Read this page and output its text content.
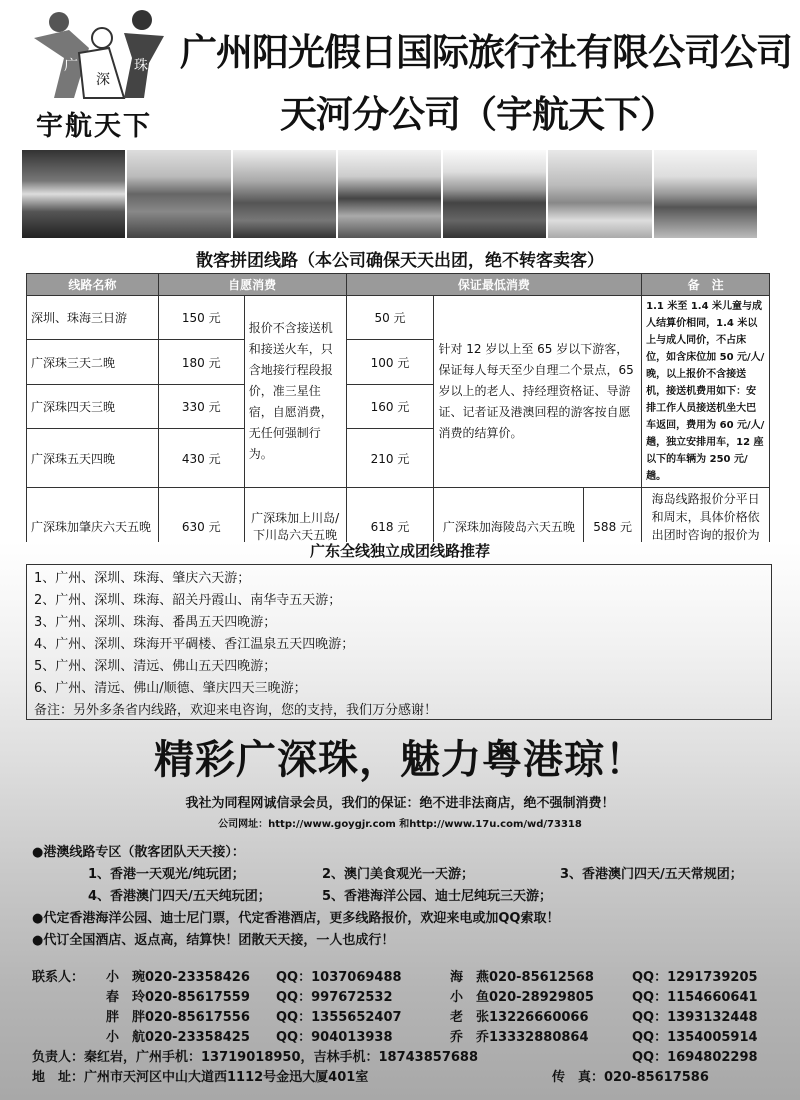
广
深
珠
宇航天下
广州阳光假日国际旅行社有限公司公司
天河分公司（宇航天下）
散客拼团线路（本公司确保天天出团，绝不转客卖客）
线路名称	自愿消费		保证最低消费			备　注
深圳、珠海三日游	150 元	报价不含接送机和接送火车，只含地接行程段报价，准三星住宿，自愿消费，无任何强制行为。	50 元	针对 12 岁以上至 65 岁以下游客，保证每人每天至少自理二个景点，65 岁以上的老人、持经理资格证、导游证、记者证及港澳回程的游客按自愿消费的结算价。		1.1 米至 1.4 米儿童与成人结算价相同，1.4 米以上与成人同价，不占床位，如含床位加 50 元/人/晚，以上报价不含接送机，接送机费用如下：安排工作人员接送机坐大巴车返回，费用为 60 元/人/趟，独立安排用车，12 座以下的车辆为 250 元/趟。
广深珠三天二晚	180 元		100 元			
广深珠四天三晚	330 元		160 元			
广深珠五天四晚	430 元		210 元			
广深珠加肇庆六天五晚	630 元	广深珠加上川岛/下川岛六天五晚	618 元	广深珠加海陵岛六天五晚	588 元	海岛线路报价分平日和周末，具体价格依出团时咨询的报价为
广东全线独立成团线路推荐
1、广州、深圳、珠海、肇庆六天游；
2、广州、深圳、珠海、韶关丹霞山、南华寺五天游；
3、广州、深圳、珠海、番禺五天四晚游；
4、广州、深圳、珠海开平碉楼、香江温泉五天四晚游；
5、广州、深圳、清远、佛山五天四晚游；
6、广州、清远、佛山/顺德、肇庆四天三晚游；
备注：另外多条省内线路，欢迎来电咨询，您的支持，我们万分感谢！
精彩广深珠，魅力粤港琼！
我社为同程网诚信录会员，我们的保证：绝不进非法商店，绝不强制消费！
公司网址：http://www.goygjr.com 和http://www.17u.com/wd/73318
●港澳线路专区（散客团队天天接）：
1、香港一天观光/纯玩团；	2、澳门美食观光一天游；	3、香港澳门四天/五天常规团；
4、香港澳门四天/五天纯玩团；	5、香港海洋公园、迪士尼纯玩三天游；
●代定香港海洋公园、迪士尼门票，代定香港酒店，更多线路报价，欢迎来电或加QQ索取！
●代订全国酒店、返点高，结算快！团散天天接，一人也成行！
联系人： 小　琬020-23358426 QQ：1037069488	海　燕020-85612568	QQ：1291739205
春　玲020-85617559 QQ：997672532	小　鱼020-28929805	QQ：1154660641
胖　胖020-85617556 QQ：1355652407	老　张13226660066	QQ：1393132448
小　航020-23358425 QQ：904013938	乔　乔13332880864	QQ：1354005914
负责人：秦红岩，广州手机：13719018950，吉林手机：18743857688	QQ：1694802298
地　址：广州市天河区中山大道西1112号金迅大厦401室	传　真：020-85617586
